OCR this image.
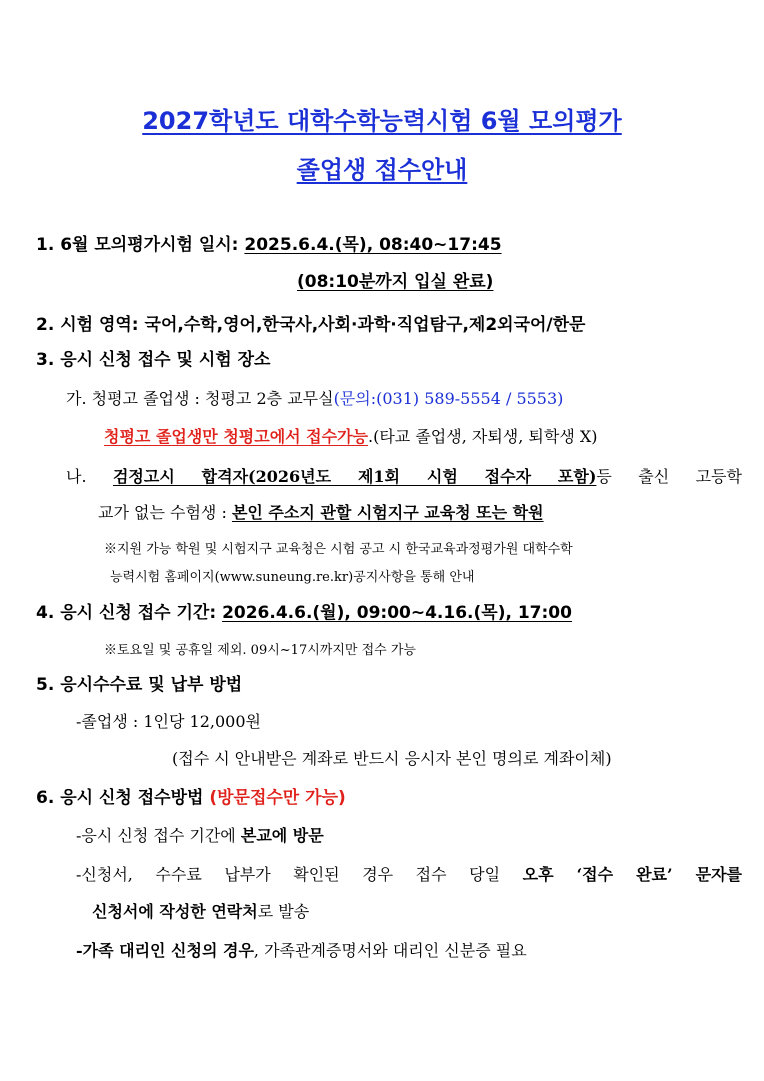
2027학년도 대학수학능력시험 6월 모의평가
졸업생 접수안내
1. 6월 모의평가시험 일시: 2025.6.4.(목), 08:40~17:45
(08:10분까지 입실 완료)
2. 시험 영역: 국어,수학,영어,한국사,사회·과학·직업탐구,제2외국어/한문
3. 응시 신청 접수 및 시험 장소
가. 청평고 졸업생 : 청평고 2층 교무실(문의:(031) 589-5554 / 5553)
청평고 졸업생만 청평고에서 접수가능.(타교 졸업생, 자퇴생, 퇴학생 X)
나. 검정고시 합격자(2026년도 제1회 시험 접수자 포함)등 출신 고등학
교가 없는 수험생 : 본인 주소지 관할 시험지구 교육청 또는 학원
※지원 가능 학원 및 시험지구 교육청은 시험 공고 시 한국교육과정평가원 대학수학
능력시험 홈페이지(www.suneung.re.kr)공지사항을 통해 안내
4. 응시 신청 접수 기간: 2026.4.6.(월), 09:00~4.16.(목), 17:00
※토요일 및 공휴일 제외. 09시~17시까지만 접수 가능
5. 응시수수료 및 납부 방법
-졸업생 : 1인당 12,000원
(접수 시 안내받은 계좌로 반드시 응시자 본인 명의로 계좌이체)
6. 응시 신청 접수방법 (방문접수만 가능)
-응시 신청 접수 기간에 본교에 방문
-신청서, 수수료 납부가 확인된 경우 접수 당일 오후 ‘접수 완료’ 문자를
신청서에 작성한 연락처로 발송
-가족 대리인 신청의 경우, 가족관계증명서와 대리인 신분증 필요
